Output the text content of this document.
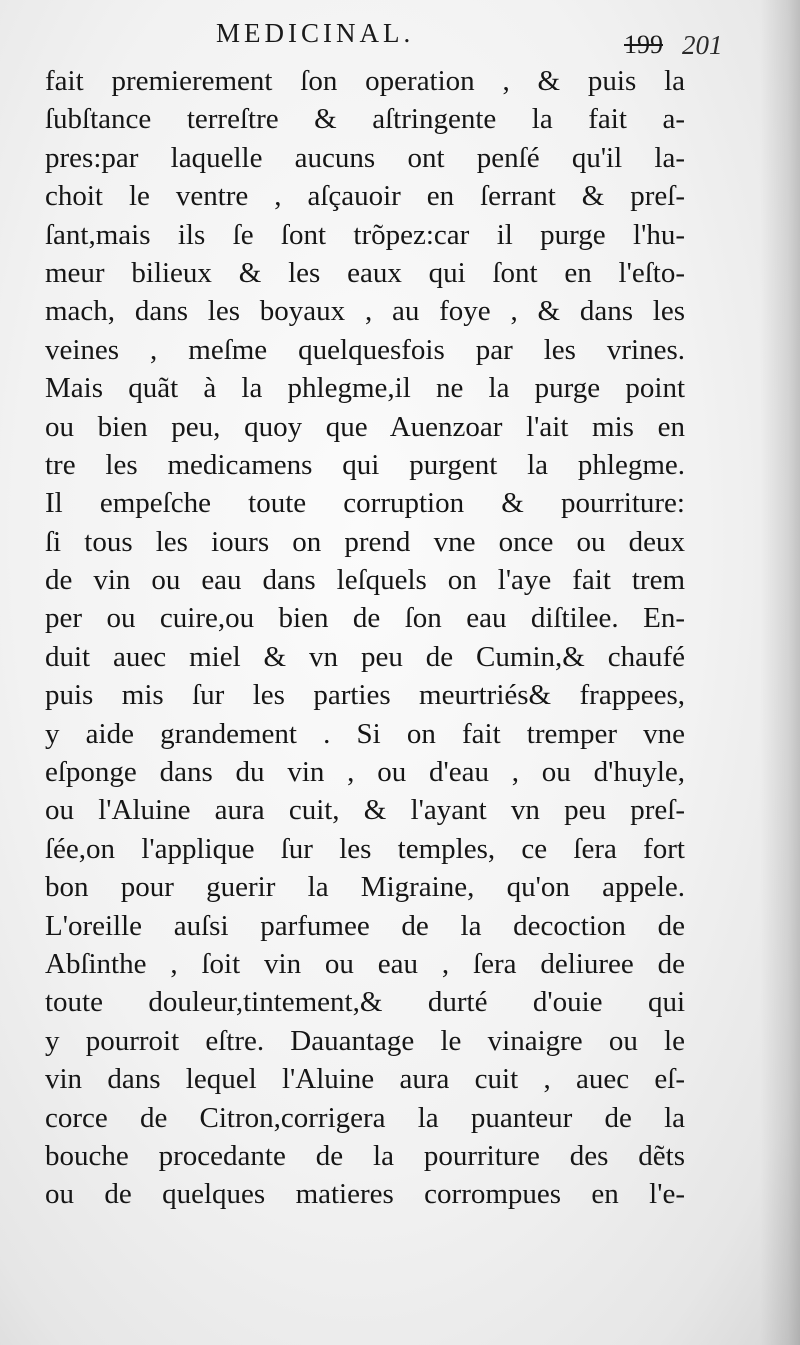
MEDICINAL.	199 201
fait premierement ſon operation , & puis la
ſubſtance terreſtre & aſtringente la fait a-
pres:par laquelle aucuns ont penſé qu'il la-
choit le ventre , aſçauoir en ſerrant & preſ-
ſant,mais ils ſe ſont trõpez:car il purge l'hu-
meur bilieux & les eaux qui ſont en l'eſto-
mach, dans les boyaux , au foye , & dans les
veines , meſme quelquesfois par les vrines.
Mais quãt à la phlegme,il ne la purge point
ou bien peu, quoy que Auenzoar l'ait mis en
tre les medicamens qui purgent la phlegme.
Il empeſche toute corruption & pourriture:
ſi tous les iours on prend vne once ou deux
de vin ou eau dans leſquels on l'aye fait trem
per ou cuire,ou bien de ſon eau diſtilee. En-
duit auec miel & vn peu de Cumin,& chaufé
puis mis ſur les parties meurtriés& frappees,
y aide grandement . Si on fait tremper vne
eſponge dans du vin , ou d'eau , ou d'huyle,
ou l'Aluine aura cuit, & l'ayant vn peu preſ-
ſée,on l'applique ſur les temples, ce ſera fort
bon pour guerir la Migraine, qu'on appele.
L'oreille auſsi parfumee de la decoction de
Abſinthe , ſoit vin ou eau , ſera deliuree de
toute douleur,tintement,& durté d'ouie qui
y pourroit eſtre. Dauantage le vinaigre ou le
vin dans lequel l'Aluine aura cuit , auec eſ-
corce de Citron,corrigera la puanteur de la
bouche procedante de la pourriture des dẽts
ou de quelques matieres corrompues en l'e-
